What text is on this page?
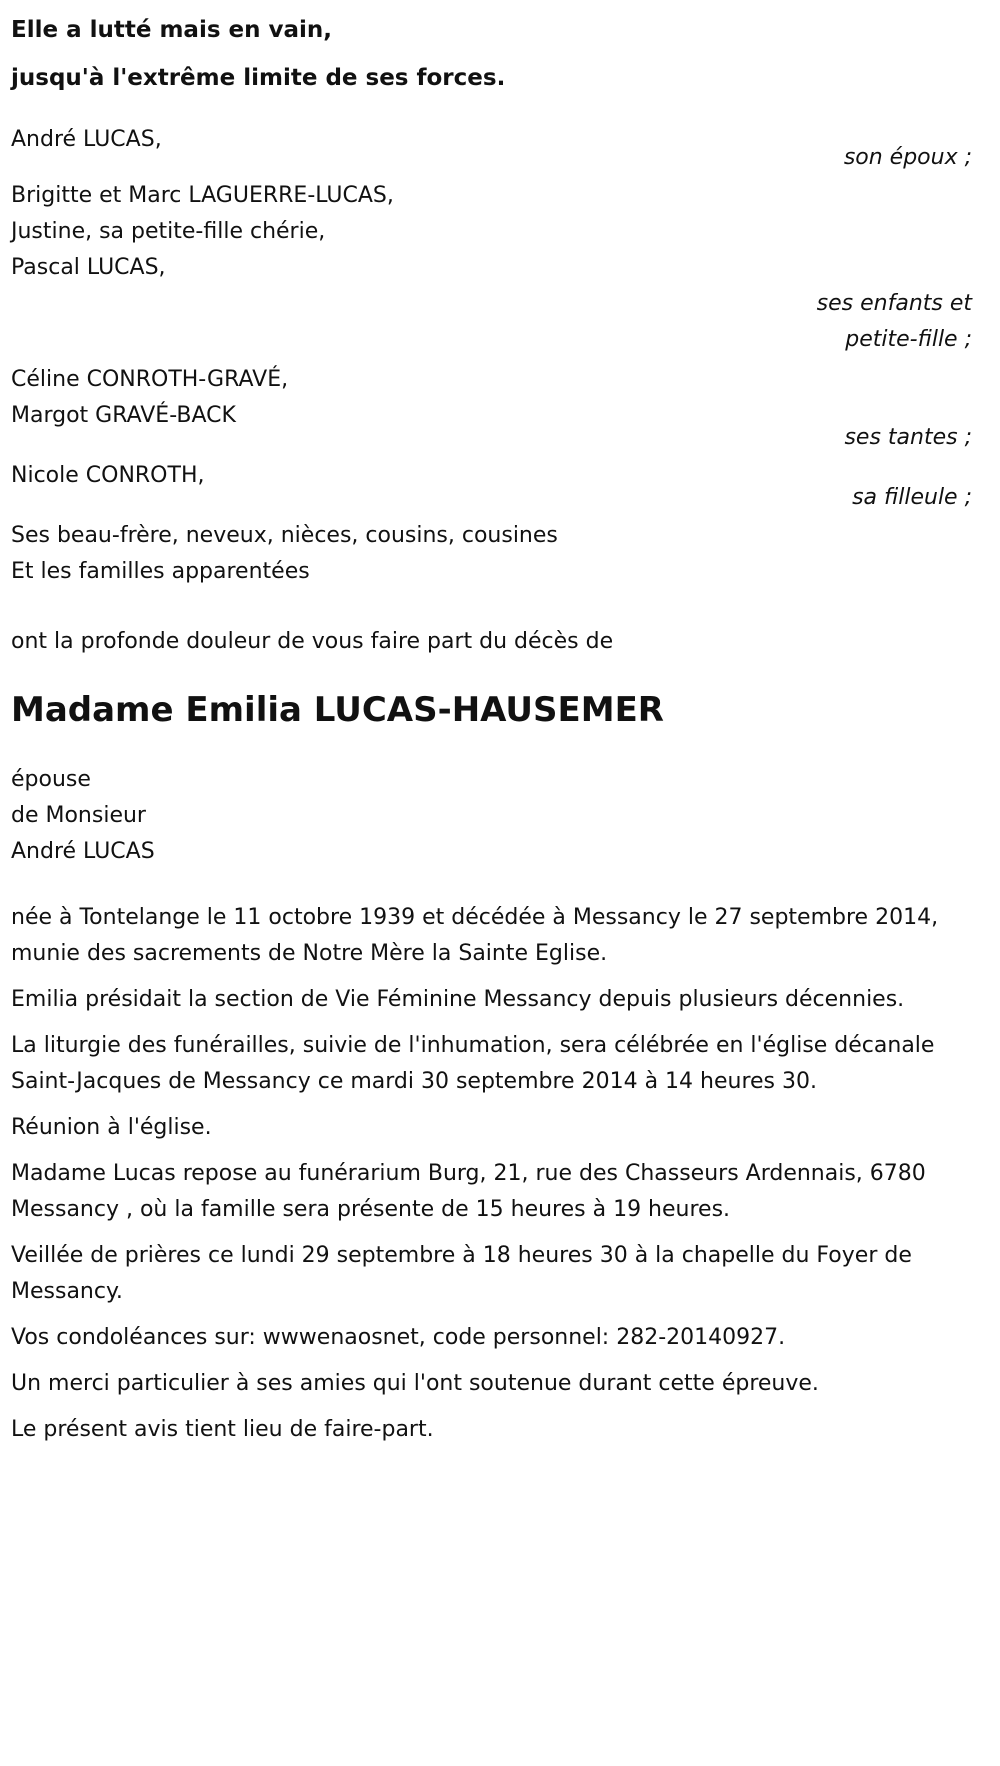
Elle a lutté mais en vain,
jusqu'à l'extrême limite de ses forces.
André LUCAS,
son époux ;
Brigitte et Marc LAGUERRE-LUCAS,
Justine, sa petite-fille chérie,
Pascal LUCAS,
ses enfants et
petite-fille ;
Céline CONROTH-GRAVÉ,
Margot GRAVÉ-BACK
ses tantes ;
Nicole CONROTH,
sa filleule ;
Ses beau-frère, neveux, nièces, cousins, cousines
Et les familles apparentées
ont la profonde douleur de vous faire part du décès de
Madame Emilia LUCAS-HAUSEMER
épouse
de Monsieur
André LUCAS
née à Tontelange le 11 octobre 1939 et décédée à Messancy le 27 septembre 2014, munie des sacrements de Notre Mère la Sainte Eglise.
Emilia présidait la section de Vie Féminine Messancy depuis plusieurs décennies.
La liturgie des funérailles, suivie de l'inhumation, sera célébrée en l'église décanale Saint-Jacques de Messancy ce mardi 30 septembre 2014 à 14 heures 30.
Réunion à l'église.
Madame Lucas repose au funérarium Burg, 21, rue des Chasseurs Ardennais, 6780 Messancy , où la famille sera présente de 15 heures à 19 heures.
Veillée de prières ce lundi 29 septembre à 18 heures 30 à la chapelle du Foyer de Messancy.
Vos condoléances sur: wwwenaosnet, code personnel: 282-20140927.
Un merci particulier à ses amies qui l'ont soutenue durant cette épreuve.
Le présent avis tient lieu de faire-part.
